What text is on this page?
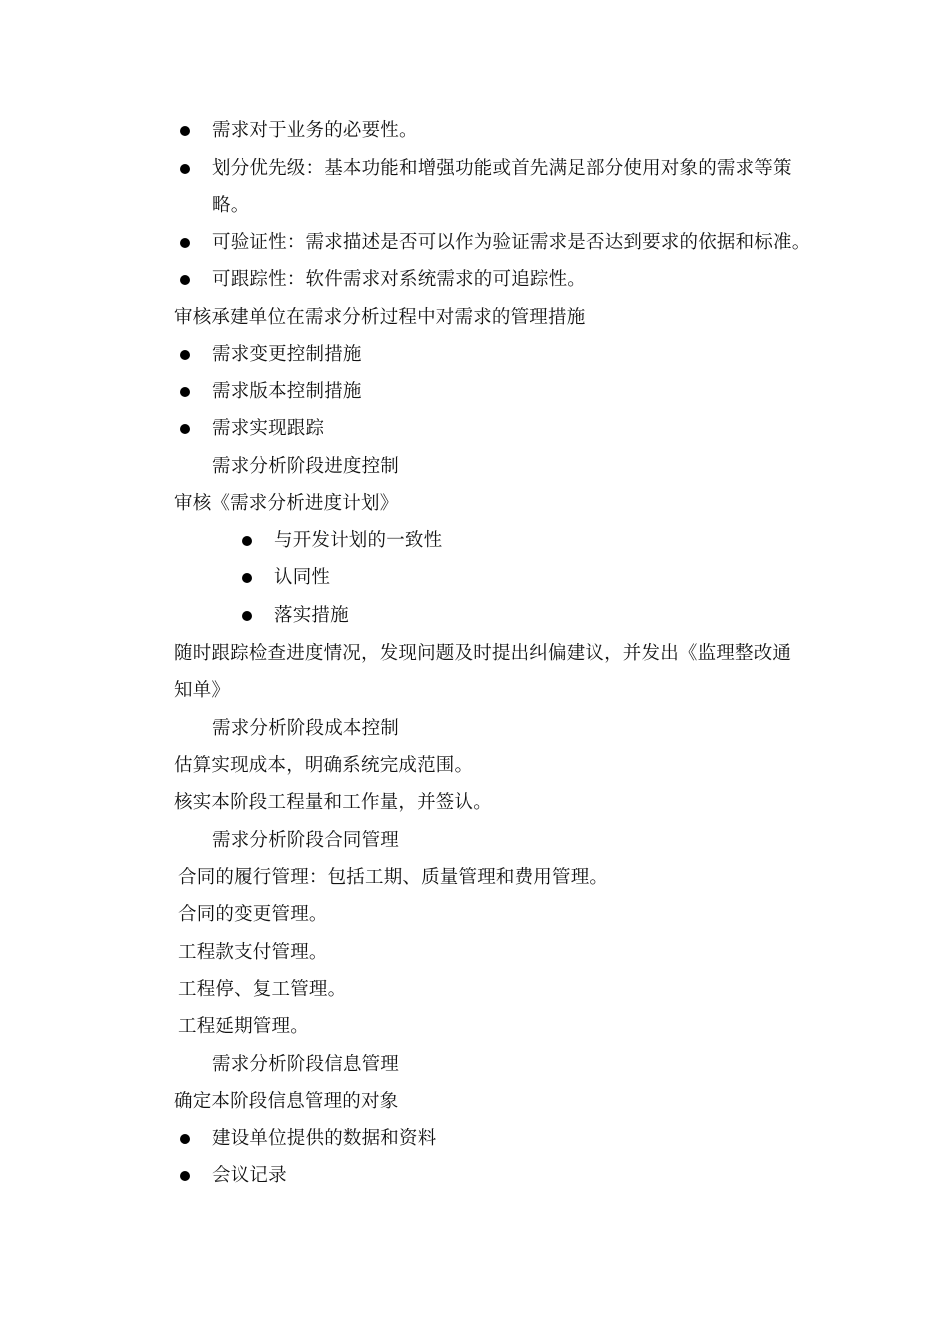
需求对于业务的必要性。
划分优先级：基本功能和增强功能或首先满足部分使用对象的需求等策
略。
可验证性：需求描述是否可以作为验证需求是否达到要求的依据和标准。
可跟踪性：软件需求对系统需求的可追踪性。
审核承建单位在需求分析过程中对需求的管理措施
需求变更控制措施
需求版本控制措施
需求实现跟踪
需求分析阶段进度控制
审核《需求分析进度计划》
与开发计划的一致性
认同性
落实措施
随时跟踪检查进度情况，发现问题及时提出纠偏建议，并发出《监理整改通
知单》
需求分析阶段成本控制
估算实现成本，明确系统完成范围。
核实本阶段工程量和工作量，并签认。
需求分析阶段合同管理
合同的履行管理：包括工期、质量管理和费用管理。
合同的变更管理。
工程款支付管理。
工程停、复工管理。
工程延期管理。
需求分析阶段信息管理
确定本阶段信息管理的对象
建设单位提供的数据和资料
会议记录
